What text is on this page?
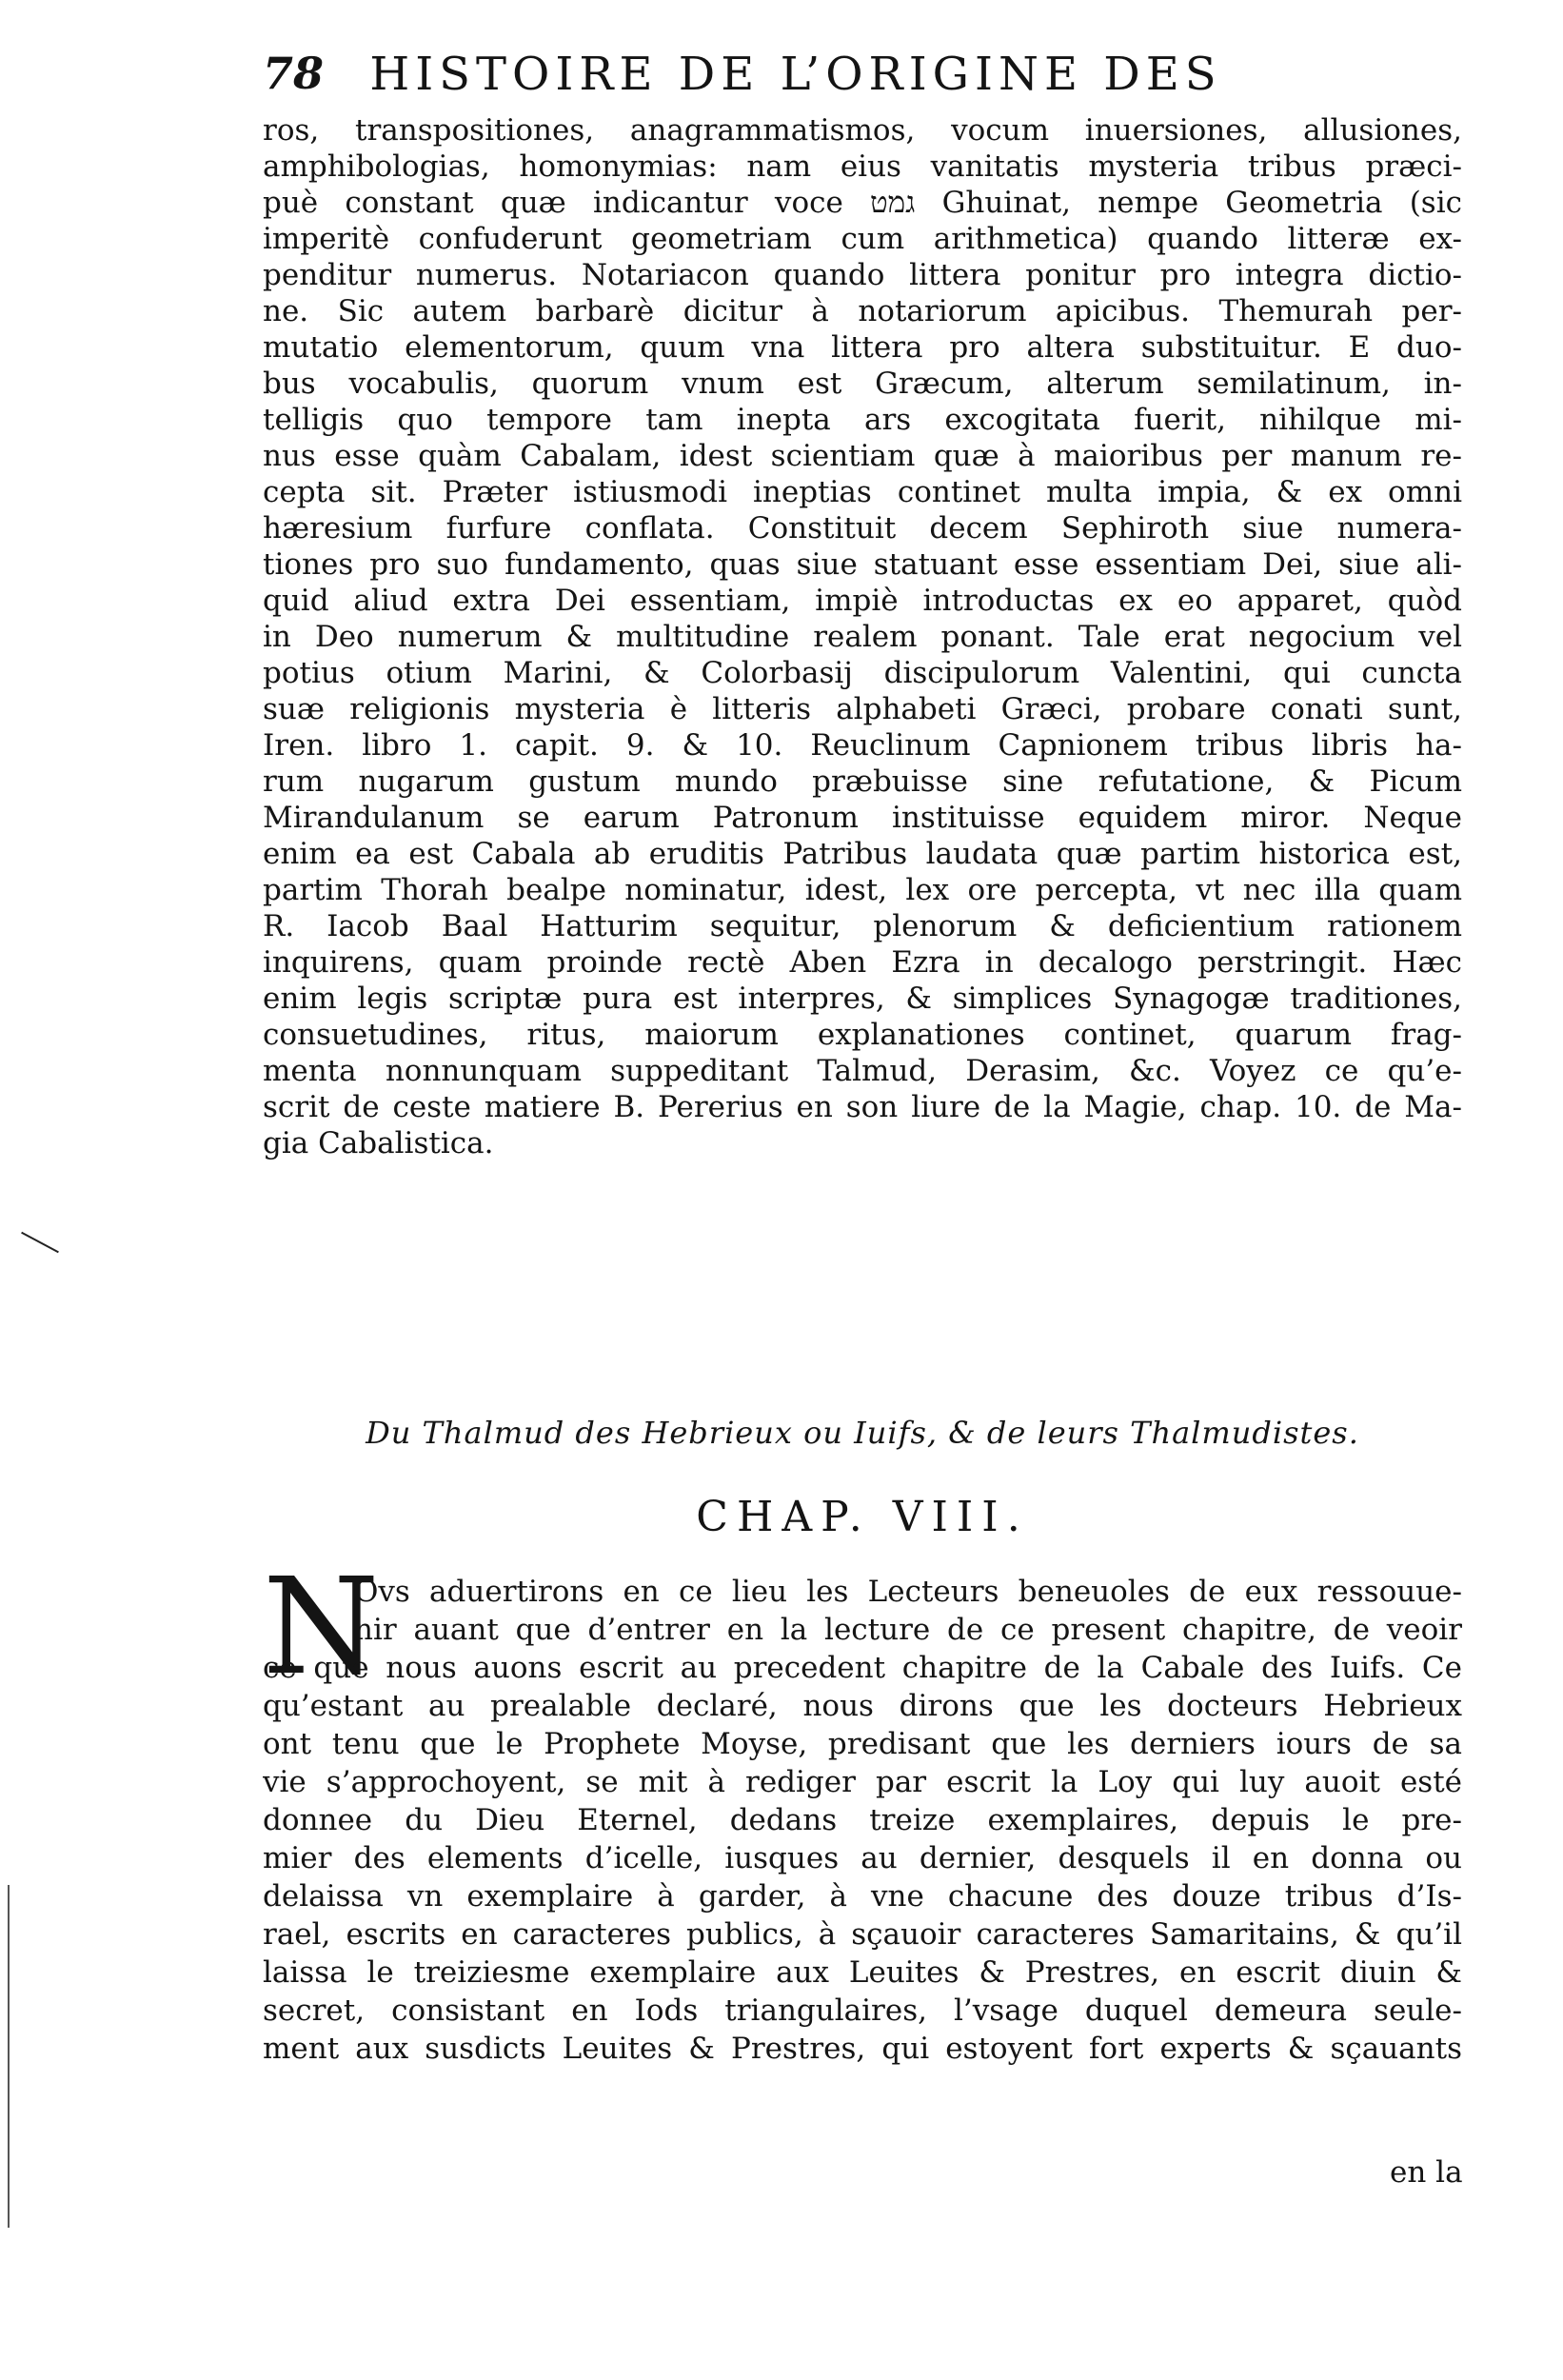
78	HISTOIRE DE L’ORIGINE DES
ros, transpositiones, anagrammatismos, vocum inuersiones, allusiones,
amphibologias, homonymias: nam eius vanitatis mysteria tribus præci-
puè constant quæ indicantur voce גמט Ghuinat, nempe Geometria (sic
imperitè confuderunt geometriam cum arithmetica) quando litteræ ex-
penditur numerus. Notariacon quando littera ponitur pro integra dictio-
ne. Sic autem barbarè dicitur à notariorum apicibus. Themurah per-
mutatio elementorum, quum vna littera pro altera substituitur. E duo-
bus vocabulis, quorum vnum est Græcum, alterum semilatinum, in-
telligis quo tempore tam inepta ars excogitata fuerit, nihilque mi-
nus esse quàm Cabalam, idest scientiam quæ à maioribus per manum re-
cepta sit. Præter istiusmodi ineptias continet multa impia, & ex omni
hæresium furfure conflata. Constituit decem Sephiroth siue numera-
tiones pro suo fundamento, quas siue statuant esse essentiam Dei, siue ali-
quid aliud extra Dei essentiam, impiè introductas ex eo apparet, quòd
in Deo numerum & multitudine realem ponant. Tale erat negocium vel
potius otium Marini, & Colorbasij discipulorum Valentini, qui cuncta
suæ religionis mysteria è litteris alphabeti Græci, probare conati sunt,
Iren. libro 1. capit. 9. & 10. Reuclinum Capnionem tribus libris ha-
rum nugarum gustum mundo præbuisse sine refutatione, & Picum
Mirandulanum se earum Patronum instituisse equidem miror. Neque
enim ea est Cabala ab eruditis Patribus laudata quæ partim historica est,
partim Thorah bealpe nominatur, idest, lex ore percepta, vt nec illa quam
R. Iacob Baal Hatturim sequitur, plenorum & deficientium rationem
inquirens, quam proinde rectè Aben Ezra in decalogo perstringit. Hæc
enim legis scriptæ pura est interpres, & simplices Synagogæ traditiones,
consuetudines, ritus, maiorum explanationes continet, quarum frag-
menta nonnunquam suppeditant Talmud, Derasim, &c. Voyez ce qu’e-
scrit de ceste matiere B. Pererius en son liure de la Magie, chap. 10. de Ma-
gia Cabalistica.
Du Thalmud des Hebrieux ou Iuifs, & de leurs Thalmudistes.
CHAP. VIII.
N
Ovs aduertirons en ce lieu les Lecteurs beneuoles de eux ressouue-
nir auant que d’entrer en la lecture de ce present chapitre, de veoir
ce que nous auons escrit au precedent chapitre de la Cabale des Iuifs. Ce
qu’estant au prealable declaré, nous dirons que les docteurs Hebrieux
ont tenu que le Prophete Moyse, predisant que les derniers iours de sa
vie s’approchoyent, se mit à rediger par escrit la Loy qui luy auoit esté
donnee du Dieu Eternel, dedans treize exemplaires, depuis le pre-
mier des elements d’icelle, iusques au dernier, desquels il en donna ou
delaissa vn exemplaire à garder, à vne chacune des douze tribus d’Is-
rael, escrits en caracteres publics, à sçauoir caracteres Samaritains, & qu’il
laissa le treiziesme exemplaire aux Leuites & Prestres, en escrit diuin &
secret, consistant en Iods triangulaires, l’vsage duquel demeura seule-
ment aux susdicts Leuites & Prestres, qui estoyent fort experts & sçauants
en la
